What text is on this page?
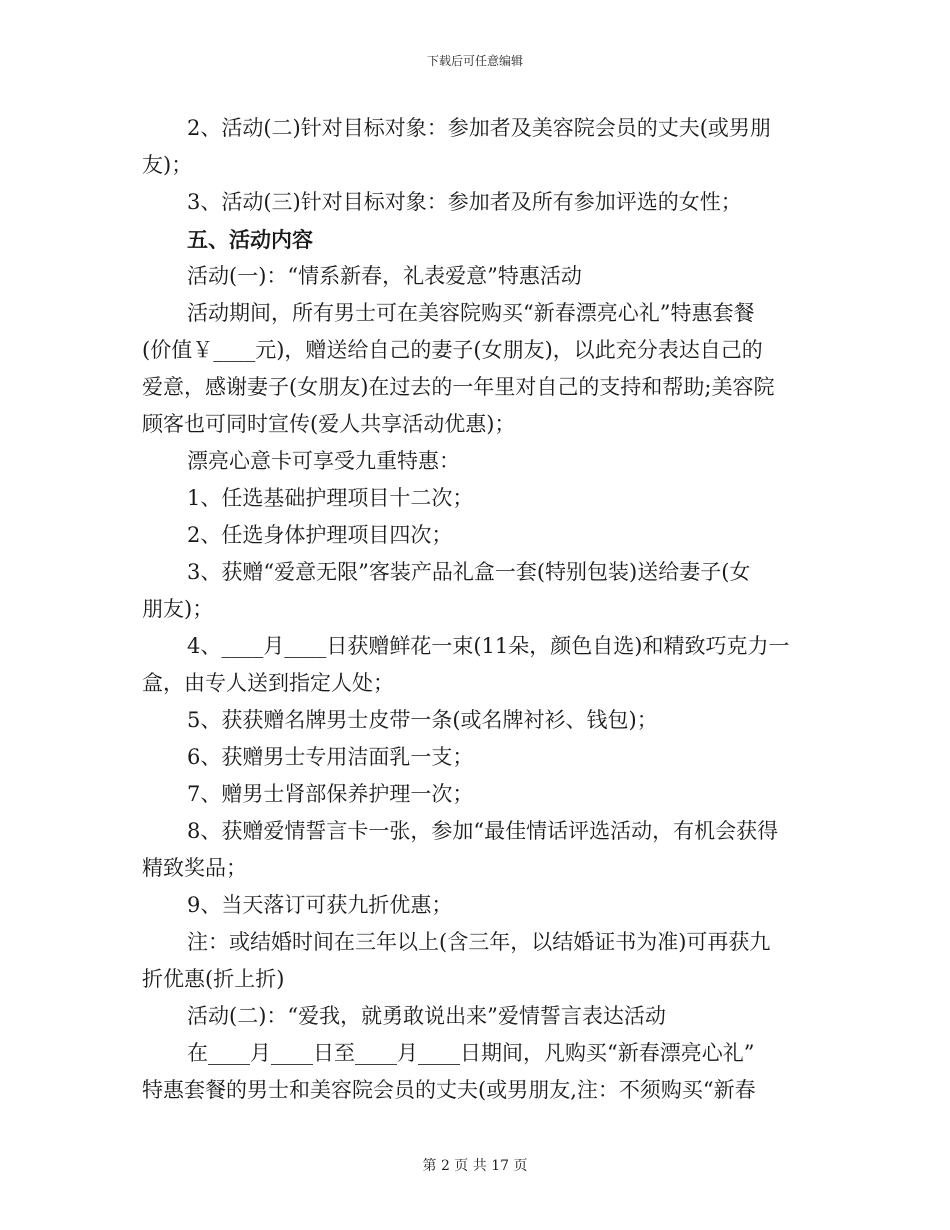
下载后可任意编辑

2、活动(二)针对目标对象：参加者及美容院会员的丈夫(或男朋
友)；

3、活动(三)针对目标对象：参加者及所有参加评选的女性；

五、活动内容

活动(一)：“情系新春，礼表爱意”特惠活动

活动期间，所有男士可在美容院购买“新春漂亮心礼”特惠套餐
(价值￥____元)，赠送给自己的妻子(女朋友)，以此充分表达自己的
爱意，感谢妻子(女朋友)在过去的一年里对自己的支持和帮助;美容院
顾客也可同时宣传(爱人共享活动优惠)；

漂亮心意卡可享受九重特惠：

1、任选基础护理项目十二次；

2、任选身体护理项目四次；

3、获赠“爱意无限”客装产品礼盒一套(特别包装)送给妻子(女
朋友)；

4、____月____日获赠鲜花一束(11朵，颜色自选)和精致巧克力一
盒，由专人送到指定人处；

5、获获赠名牌男士皮带一条(或名牌衬衫、钱包)；

6、获赠男士专用洁面乳一支；

7、赠男士肾部保养护理一次；

8、获赠爱情誓言卡一张，参加“最佳情话评选活动，有机会获得
精致奖品；

9、当天落订可获九折优惠；

注：或结婚时间在三年以上(含三年，以结婚证书为准)可再获九
折优惠(折上折)

活动(二)：“爱我，就勇敢说出来”爱情誓言表达活动

在____月____日至____月____日期间，凡购买“新春漂亮心礼”
特惠套餐的男士和美容院会员的丈夫(或男朋友,注：不须购买“新春

第 2 页 共 17 页
